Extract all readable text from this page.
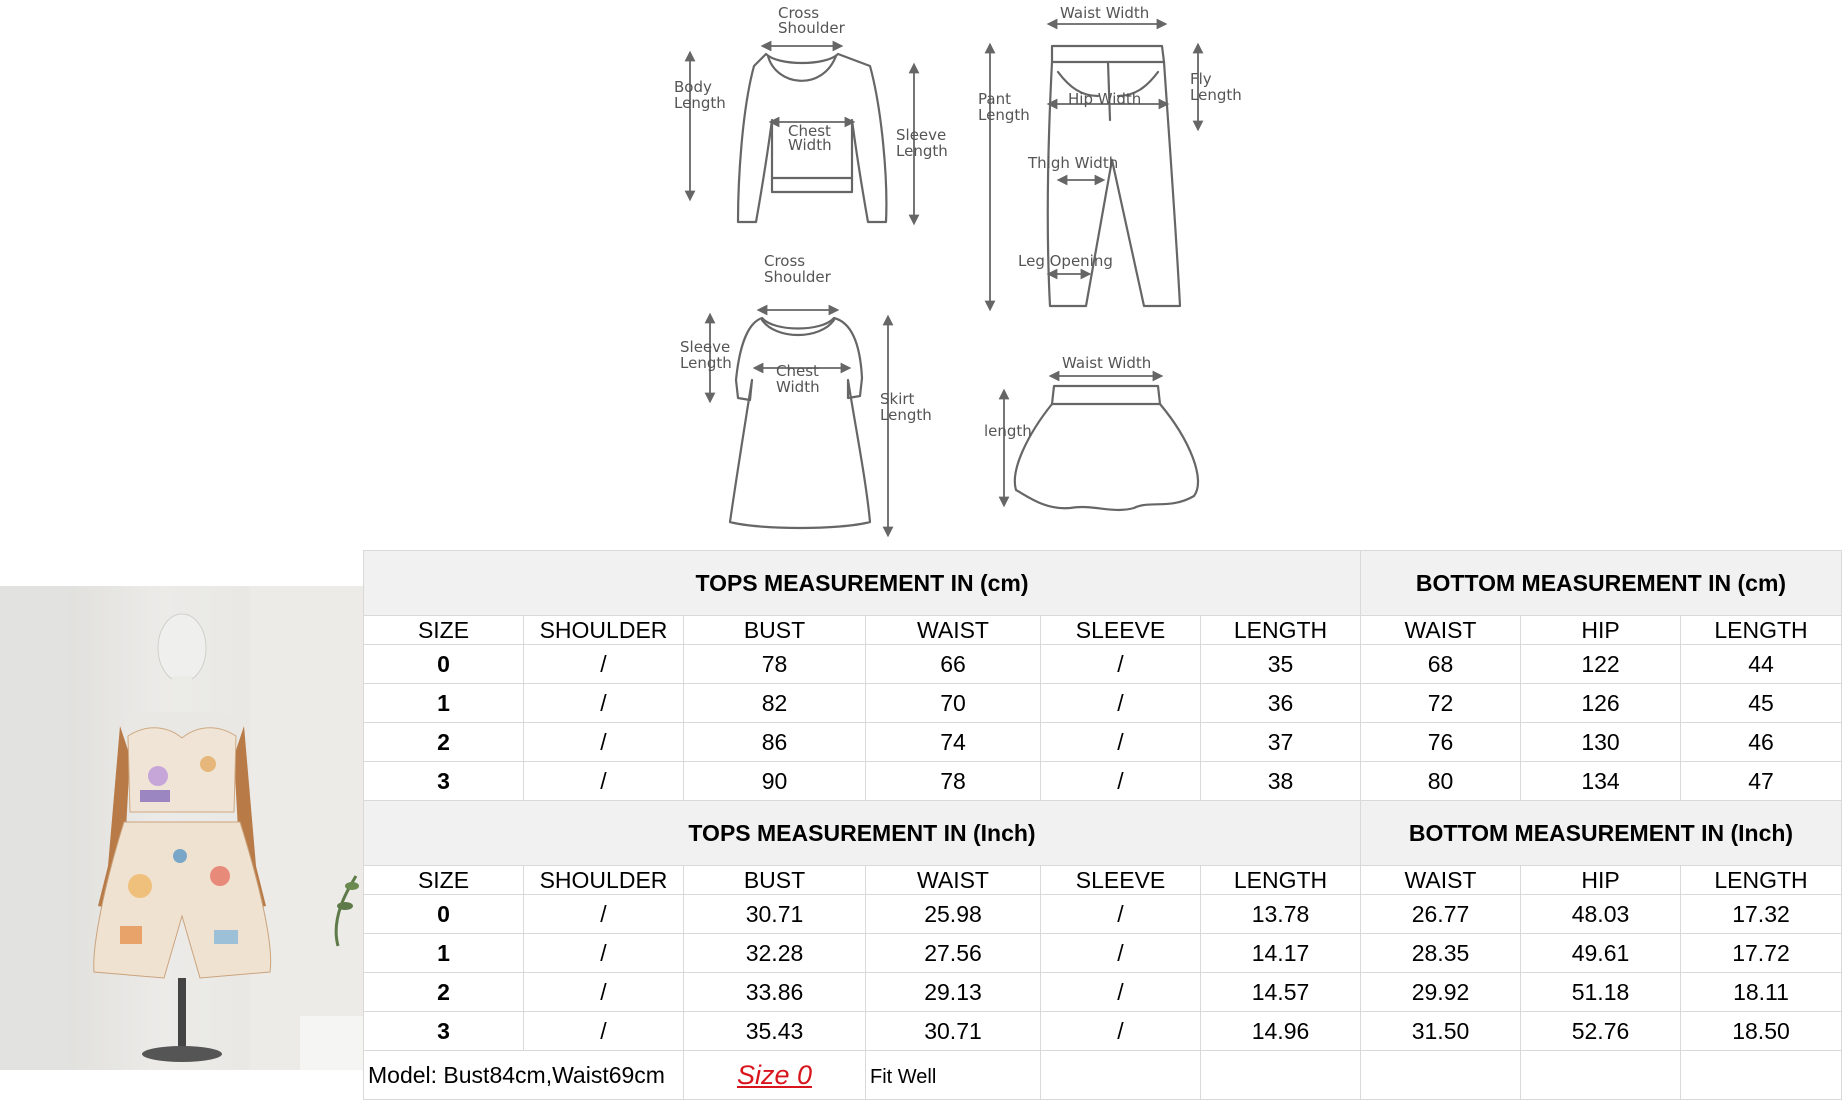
Cross
Shoulder
Body
Length
Chest
Width
Sleeve
Length
Waist Width
Pant
Length
Fly
Length
Hip Width
Thigh Width
Leg Opening
Cross
Shoulder
Sleeve
Length	Chest
Width
Skirt
Length
Waist Width
length
TOPS MEASUREMENT IN (cm)						BOTTOM MEASUREMENT IN (cm)		
SIZE	SHOULDER	BUST	WAIST	SLEEVE	LENGTH	WAIST	HIP	LENGTH
0	/	78	66	/	35	68	122	44
1	/	82	70	/	36	72	126	45
2	/	86	74	/	37	76	130	46
3	/	90	78	/	38	80	134	47
TOPS MEASUREMENT IN (Inch)						BOTTOM MEASUREMENT IN (Inch)		
SIZE	SHOULDER	BUST	WAIST	SLEEVE	LENGTH	WAIST	HIP	LENGTH
0	/	30.71	25.98	/	13.78	26.77	48.03	17.32
1	/	32.28	27.56	/	14.17	28.35	49.61	17.72
2	/	33.86	29.13	/	14.57	29.92	51.18	18.11
3	/	35.43	30.71	/	14.96	31.50	52.76	18.50
Model: Bust84cm,Waist69cm		Size 0	Fit Well					
